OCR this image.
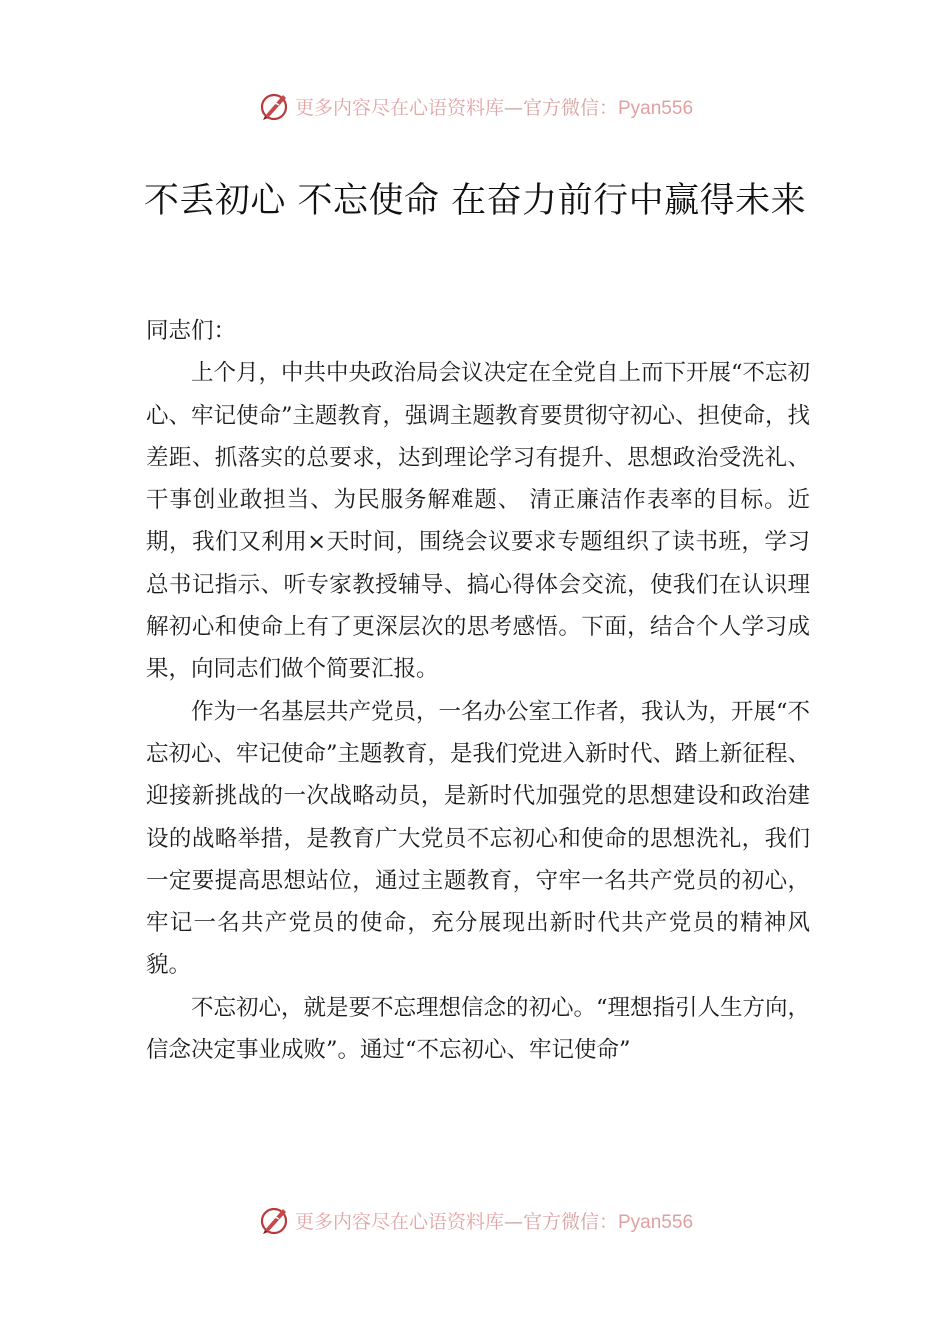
更多内容尽在心语资料库—官方微信：Pyan556
不丢初心 不忘使命 在奋力前行中赢得未来

同志们：

上个月，中共中央政治局会议决定在全党自上而下开展“不忘初心、牢记使命”主题教育，强调主题教育要贯彻守初心、担使命，找差距、抓落实的总要求，达到理论学习有提升、思想政治受洗礼、干事创业敢担当、为民服务解难题、 清正廉洁作表率的目标。近期，我们又利用×天时间，围绕会议要求专题组织了读书班，学习总书记指示、听专家教授辅导、搞心得体会交流，使我们在认识理解初心和使命上有了更深层次的思考感悟。下面，结合个人学习成果，向同志们做个简要汇报。

作为一名基层共产党员，一名办公室工作者，我认为，开展“不忘初心、牢记使命”主题教育，是我们党进入新时代、踏上新征程、迎接新挑战的一次战略动员，是新时代加强党的思想建设和政治建设的战略举措，是教育广大党员不忘初心和使命的思想洗礼，我们一定要提高思想站位，通过主题教育，守牢一名共产党员的初心，牢记一名共产党员的使命，充分展现出新时代共产党员的精神风貌。

不忘初心，就是要不忘理想信念的初心。“理想指引人生方向，信念决定事业成败”。通过“不忘初心、牢记使命”

更多内容尽在心语资料库—官方微信：Pyan556
